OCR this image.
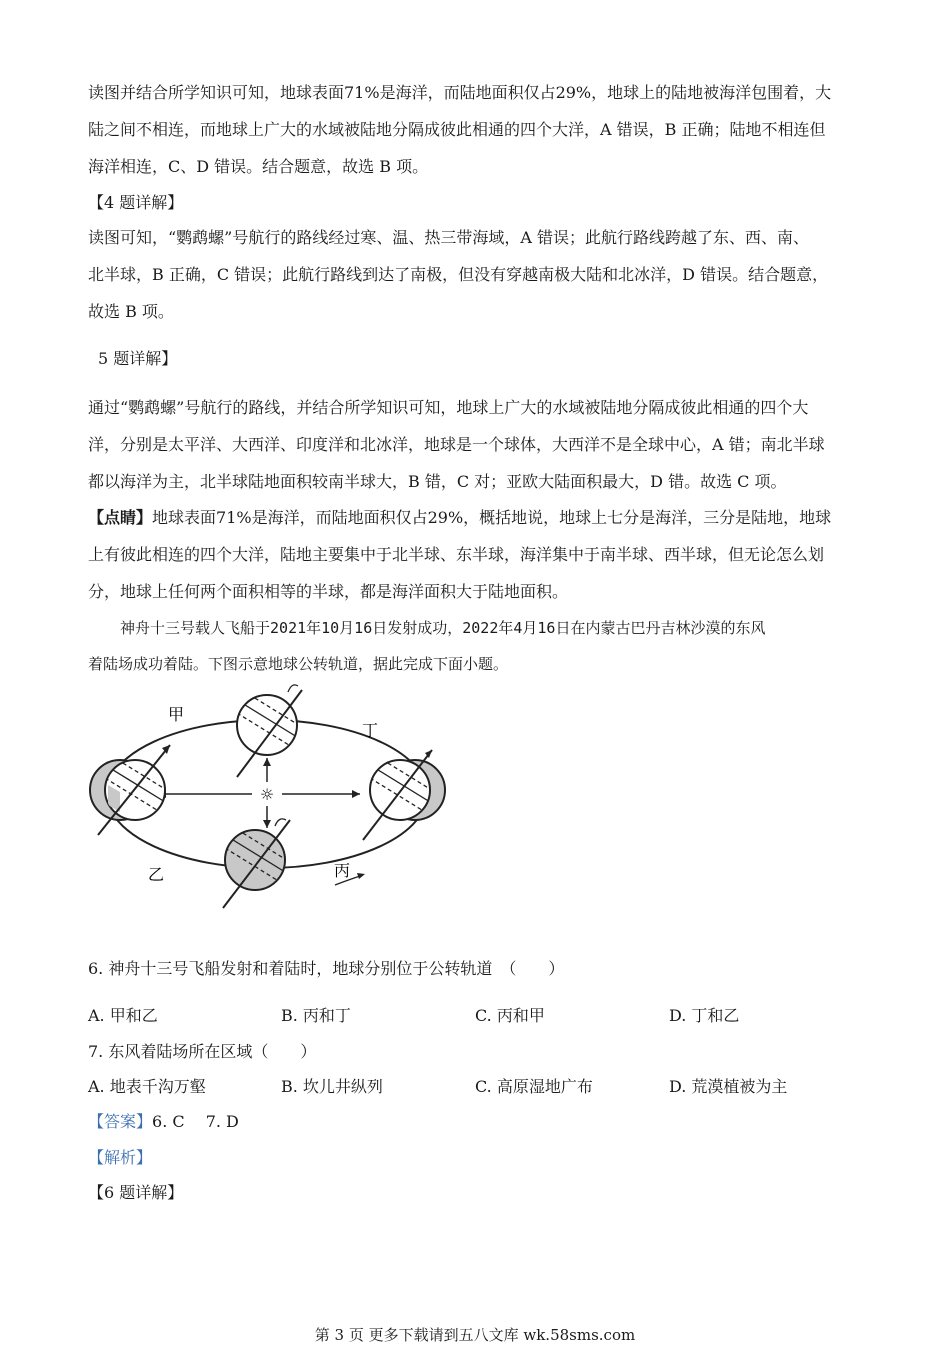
读图并结合所学知识可知，地球表面71%是海洋，而陆地面积仅占29%，地球上的陆地被海洋包围着，大
陆之间不相连，而地球上广大的水域被陆地分隔成彼此相通的四个大洋，A 错误，B 正确；陆地不相连但
海洋相连，C、D 错误。结合题意，故选 B 项。
【4 题详解】
读图可知，“鹦鹉螺”号航行的路线经过寒、温、热三带海域，A 错误；此航行路线跨越了东、西、南、
北半球，B 正确，C 错误；此航行路线到达了南极，但没有穿越南极大陆和北冰洋，D 错误。结合题意，
故选 B 项。
5 题详解】
通过“鹦鹉螺”号航行的路线，并结合所学知识可知，地球上广大的水域被陆地分隔成彼此相通的四个大
洋，分别是太平洋、大西洋、印度洋和北冰洋，地球是一个球体，大西洋不是全球中心，A 错；南北半球
都以海洋为主，北半球陆地面积较南半球大，B 错，C 对；亚欧大陆面积最大，D 错。故选 C 项。
【点睛】地球表面71%是海洋，而陆地面积仅占29%，概括地说，地球上七分是海洋，三分是陆地，地球
上有彼此相连的四个大洋，陆地主要集中于北半球、东半球，海洋集中于南半球、西半球，但无论怎么划
分，地球上任何两个面积相等的半球，都是海洋面积大于陆地面积。
神舟十三号载人飞船于2021年10月16日发射成功，2022年4月16日在内蒙古巴丹吉林沙漠的东风
着陆场成功着陆。下图示意地球公转轨道，据此完成下面小题。
☼
甲
丁
乙	丙
6. 神舟十三号飞船发射和着陆时，地球分别位于公转轨道　（　　）
A. 甲和乙	B. 丙和丁	C. 丙和甲	D. 丁和乙
7. 东风着陆场所在区域（　　）
A. 地表千沟万壑	B. 坎儿井纵列	C. 高原湿地广布	D. 荒漠植被为主
【答案】6. C　 7. D
【解析】
【6 题详解】
第 3 页 更多下载请到五八文库 wk.58sms.com
